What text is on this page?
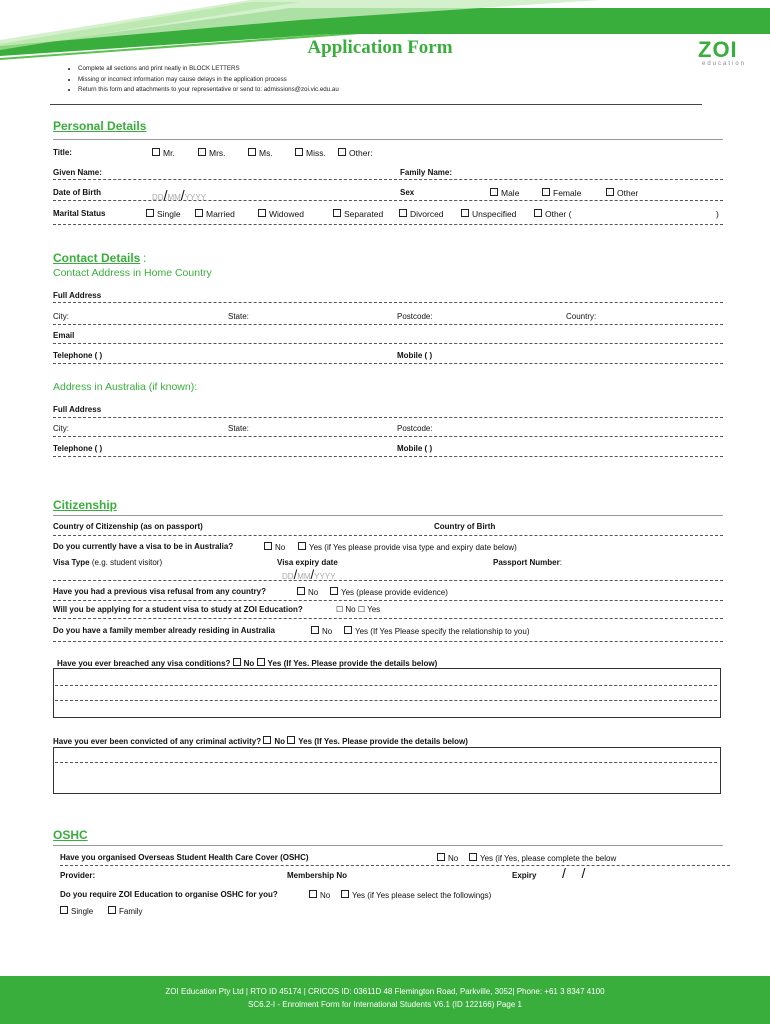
Application Form	ZOI
education
• Complete all sections and print neatly in BLOCK LETTERS
• Missing or incorrect information may cause delays in the application process
• Return this form and attachments to your representative or send to: admissions@zoi.vic.edu.au
Personal Details
Title:	Mr.	Mrs.	Ms.	Miss.	Other:
Given Name:	Family Name:
Date of Birth
DD/MM/YYYY
Sex	Male	Female	Other
Marital Status	Single	Married	Widowed	Separated	Divorced	Unspecified	Other (	)
Contact Details :
Contact Address in Home Country
Full Address
City:	State:	Postcode:	Country:
Email
Telephone ( )	Mobile ( )
Address in Australia (if known):
Full Address
City:	State:	Postcode:
Telephone ( )	Mobile ( )
Citizenship
Country of Citizenship (as on passport)	Country of Birth
Do you currently have a visa to be in Australia?	No	Yes (if Yes please provide visa type and expiry date below)
Visa Type (e.g. student visitor)	Visa expiry date
DD/MM/YYYY
Passport Number:
Have you had a previous visa refusal from any country?	No	Yes (please provide evidence)
Will you be applying for a student visa to study at ZOI Education?	☐ No ☐ Yes
Do you have a family member already residing in Australia	No	Yes (If Yes Please specify the relationship to you)
Have you ever breached any visa conditions? No Yes (If Yes. Please provide the details below)
Have you ever been convicted of any criminal activity? No Yes (If Yes. Please provide the details below)
OSHC
Have you organised Overseas Student Health Care Cover (OSHC)	No	Yes (if Yes, please complete the below
Provider:	Membership No	Expiry /    /
Do you require ZOI Education to organise OSHC for you?	No	Yes (if Yes please select the followings)
Single	Family
ZOI Education Pty Ltd | RTO ID 45174 | CRICOS ID: 03611D 48 Flemington Road, Parkville, 3052| Phone: +61 3 8347 4100
SC6.2-I - Enrolment Form for International Students V6.1 (ID 122166) Page 1
